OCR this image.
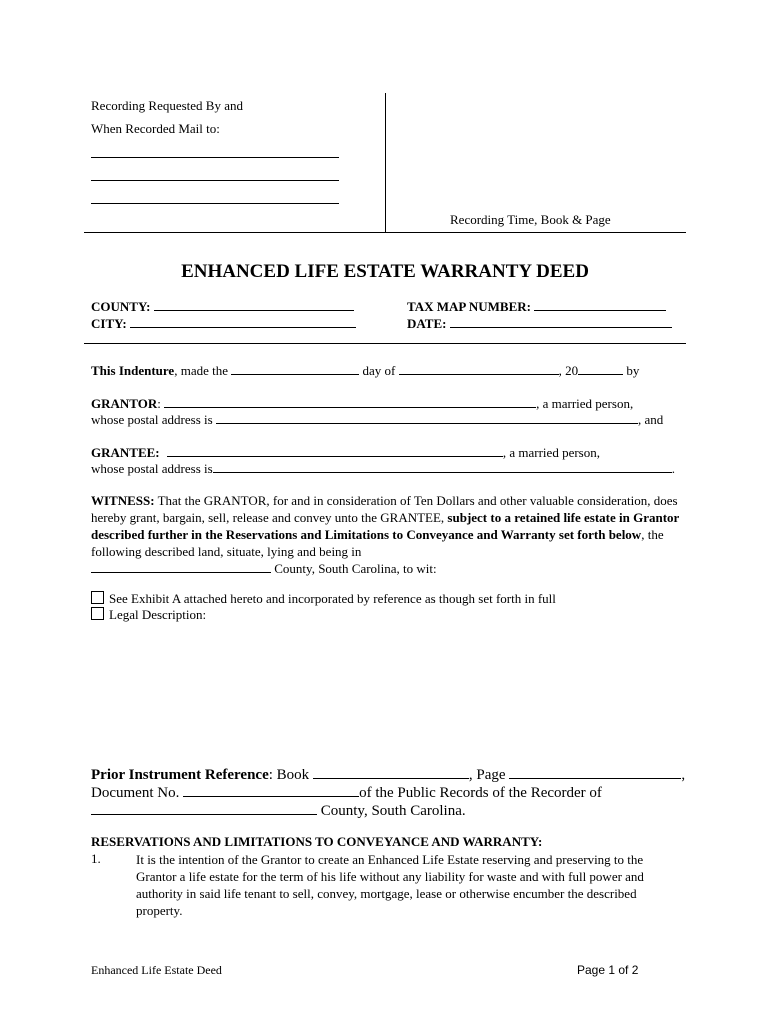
Recording Requested By and
When Recorded Mail to:
Recording Time, Book & Page
ENHANCED LIFE ESTATE WARRANTY DEED
COUNTY:
CITY:
TAX MAP NUMBER:
DATE:
This Indenture, made the	day of	, 20	by
GRANTOR:	, a married person,
whose postal address is	, and
GRANTEE:	, a married person,
whose postal address is	.
WITNESS: That the GRANTOR, for and in consideration of Ten Dollars and other valuable consideration, does hereby grant, bargain, sell, release and convey unto the GRANTEE, subject to a retained life estate in Grantor described further in the Reservations and Limitations to Conveyance and Warranty set forth below, the following described land, situate, lying and being in
County, South Carolina, to wit:
See Exhibit A attached hereto and incorporated by reference as though set forth in full
Legal Description:
Prior Instrument Reference: Book	, Page	,
Document No.	of the Public Records of the Recorder of
County, South Carolina.
RESERVATIONS AND LIMITATIONS TO CONVEYANCE AND WARRANTY:
1.	It is the intention of the Grantor to create an Enhanced Life Estate reserving and preserving to the Grantor a life estate for the term of his life without any liability for waste and with full power and authority in said life tenant to sell, convey, mortgage, lease or otherwise encumber the described property.
Enhanced Life Estate Deed	Page 1 of 2
